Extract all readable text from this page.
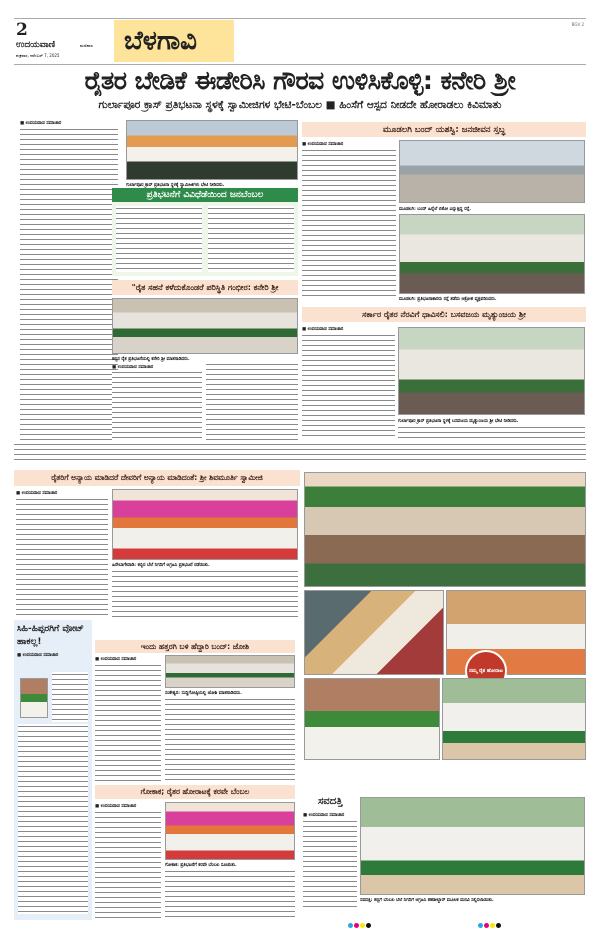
2
ಉದಯವಾಣಿ	ಮಣಿಪಾಲ
ಶುಕ್ರವಾರ, ನವೆಂಬರ್ 7, 2025	ಬೆಳಗಾವಿ
BGV 2
ರೈತರ ಬೇಡಿಕೆ ಈಡೇರಿಸಿ ಗೌರವ ಉಳಿಸಿಕೊಳ್ಳಿ: ಕನೇರಿ ಶ್ರೀ
ಗುರ್ಲಾಪೂರ ಕ್ರಾಸ್ ಪ್ರತಿಭಟನಾ ಸ್ಥಳಕ್ಕೆ ಸ್ವಾಮೀಜಿಗಳ ಭೇಟಿ-ಬೆಂಬಲ ■ ಹಿಂಸೆಗೆ ಆಸ್ಪದ ನೀಡದೇ ಹೋರಾಡಲು ಕಿವಿಮಾತು
■ ಉದಯವಾಣಿ ಸಮಾಚಾರ
ಗುರ್ಲಾಪೂರ ಕ್ರಾಸ್ ಪ್ರತಿಭಟನಾ ಸ್ಥಳಕ್ಕೆ ಸ್ವಾಮೀಜಿಗಳು ಭೇಟಿ ನೀಡಿದರು.
ಪ್ರತಿಭಟನೆಗೆ ವಿವಿಧೆಡೆಯಿಂದ ಜನಬೆಂಬಲ
"ರೈತ ಸಹನೆ ಕಳೆದುಕೊಂಡರೆ ಪರಿಸ್ಥಿತಿ ಗಂಭೀರ: ಕನೇರಿ ಶ್ರೀ
ಕಬ್ಬಿನ ರೈತ ಪ್ರತಿಭಟನೆಯಲ್ಲಿ ಕನೇರಿ ಶ್ರೀ ಮಾತನಾಡಿದರು.
■ ಉದಯವಾಣಿ ಸಮಾಚಾರ
ಮೂಡಲಗಿ ಬಂದ್ ಯಶಸ್ವಿ: ಜನಜೀವನ ಸ್ತಬ್ಧ
■ ಉದಯವಾಣಿ ಸಮಾಚಾರ
ಮೂಡಲಗಿ: ಬಂದ್ ಹಿನ್ನೆಲೆ ಬಿಕೋ ಎನ್ನುತ್ತಿದ್ದ ರಸ್ತೆ.
ಮೂಡಲಗಿ: ಪ್ರತಿಭಟನಾಕಾರರು ರಸ್ತೆ ತಡೆದು ಆಕ್ರೋಶ ವ್ಯಕ್ತಪಡಿಸಿದರು.
ಸರ್ಕಾರ ರೈತರ ನೆರವಿಗೆ ಧಾವಿಸಲಿ: ಬಸವಜಯ ಮೃತ್ಯುಂಜಯ ಶ್ರೀ
■ ಉದಯವಾಣಿ ಸಮಾಚಾರ
ಗುರ್ಲಾಪೂರ ಕ್ರಾಸ್ ಪ್ರತಿಭಟನಾ ಸ್ಥಳಕ್ಕೆ ಬಸವಜಯ ಮೃತ್ಯುಂಜಯ ಶ್ರೀ ಭೇಟಿ ನೀಡಿದರು.
ರೈತರಿಗೆ ಅನ್ಯಾಯ ಮಾಡಿದರೆ ದೇವರಿಗೆ ಅನ್ಯಾಯ ಮಾಡಿದಂತೆ: ಶ್ರೀ ಶಿವಮೂರ್ತಿ ಸ್ವಾಮೀಜಿ
■ ಉದಯವಾಣಿ ಸಮಾಚಾರ
ಹಿರೇಬಾಗೇವಾಡಿ: ಕಬ್ಬಿನ ಬೆಲೆ ನಿಗದಿಗೆ ಆಗ್ರಹಿಸಿ ಪ್ರತಿಭಟನೆ ನಡೆಯಿತು.
ನಮ್ಮ ರೈತ ಹೋರಾಟ
ಸಿಹಿ-ಹಿಪ್ಪರಗಿಗೆ ವೋಟ್ ಹಾಕಲ್ಲ!
■ ಉದಯವಾಣಿ ಸಮಾಚಾರ
ಇಂದು ಹತ್ತರಗಿ ಬಳಿ ಹೆದ್ದಾರಿ ಬಂದ್: ಜೋಶಿ
■ ಉದಯವಾಣಿ ಸಮಾಚಾರ
ಸಂಕೇಶ್ವರ: ಸುದ್ದಿಗೋಷ್ಠಿಯಲ್ಲಿ ಜೋಶಿ ಮಾತನಾಡಿದರು.
ಗೋಕಾಕ; ರೈತರ ಹೋರಾಟಕ್ಕೆ ಕರವೇ ಬೆಂಬಲ
■ ಉದಯವಾಣಿ ಸಮಾಚಾರ
ಗೋಕಾಕ: ಪ್ರತಿಭಟನೆಗೆ ಕರವೇ ಬೆಂಬಲ ಸೂಚಿಸಿತು.
ಸವದತ್ತಿ
■ ಉದಯವಾಣಿ ಸಮಾಚಾರ
ಸವದತ್ತಿ: ಕಬ್ಬಿಗೆ ಬೆಂಬಲ ಬೆಲೆ ನಿಗದಿಗೆ ಆಗ್ರಹಿಸಿ ತಹಶೀಲ್ದಾರ್ ಮೂಲಕ ಮನವಿ ಸಲ್ಲಿಸಲಾಯಿತು.
